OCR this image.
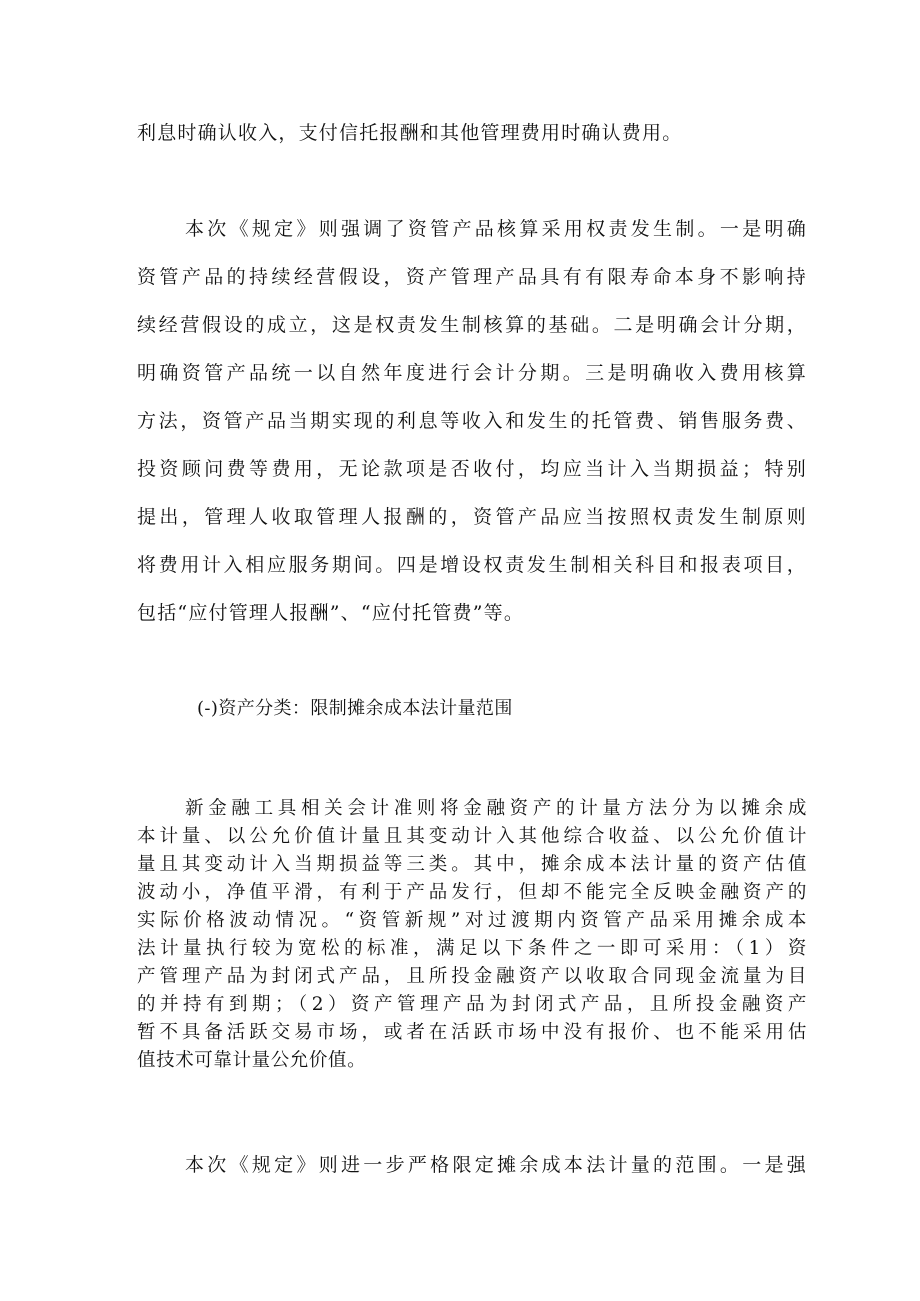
利息时确认收入，支付信托报酬和其他管理费用时确认费用。

本次《规定》则强调了资管产品核算采用权责发生制。一是明确

资管产品的持续经营假设，资产管理产品具有有限寿命本身不影响持

续经营假设的成立，这是权责发生制核算的基础。二是明确会计分期，

明确资管产品统一以自然年度进行会计分期。三是明确收入费用核算

方法，资管产品当期实现的利息等收入和发生的托管费、销售服务费、

投资顾问费等费用，无论款项是否收付，均应当计入当期损益；特别

提出，管理人收取管理人报酬的，资管产品应当按照权责发生制原则

将费用计入相应服务期间。四是增设权责发生制相关科目和报表项目，

包括“应付管理人报酬”、“应付托管费”等。

(-)资产分类：限制摊余成本法计量范围

新金融工具相关会计准则将金融资产的计量方法分为以摊余成

本计量、以公允价值计量且其变动计入其他综合收益、以公允价值计

量且其变动计入当期损益等三类。其中，摊余成本法计量的资产估值

波动小，净值平滑，有利于产品发行，但却不能完全反映金融资产的

实际价格波动情况。“资管新规”对过渡期内资管产品采用摊余成本

法计量执行较为宽松的标准，满足以下条件之一即可采用：（1）资

产管理产品为封闭式产品，且所投金融资产以收取合同现金流量为目

的并持有到期；（2）资产管理产品为封闭式产品，且所投金融资产

暂不具备活跃交易市场，或者在活跃市场中没有报价、也不能采用估

值技术可靠计量公允价值。

本次《规定》则进一步严格限定摊余成本法计量的范围。一是强
